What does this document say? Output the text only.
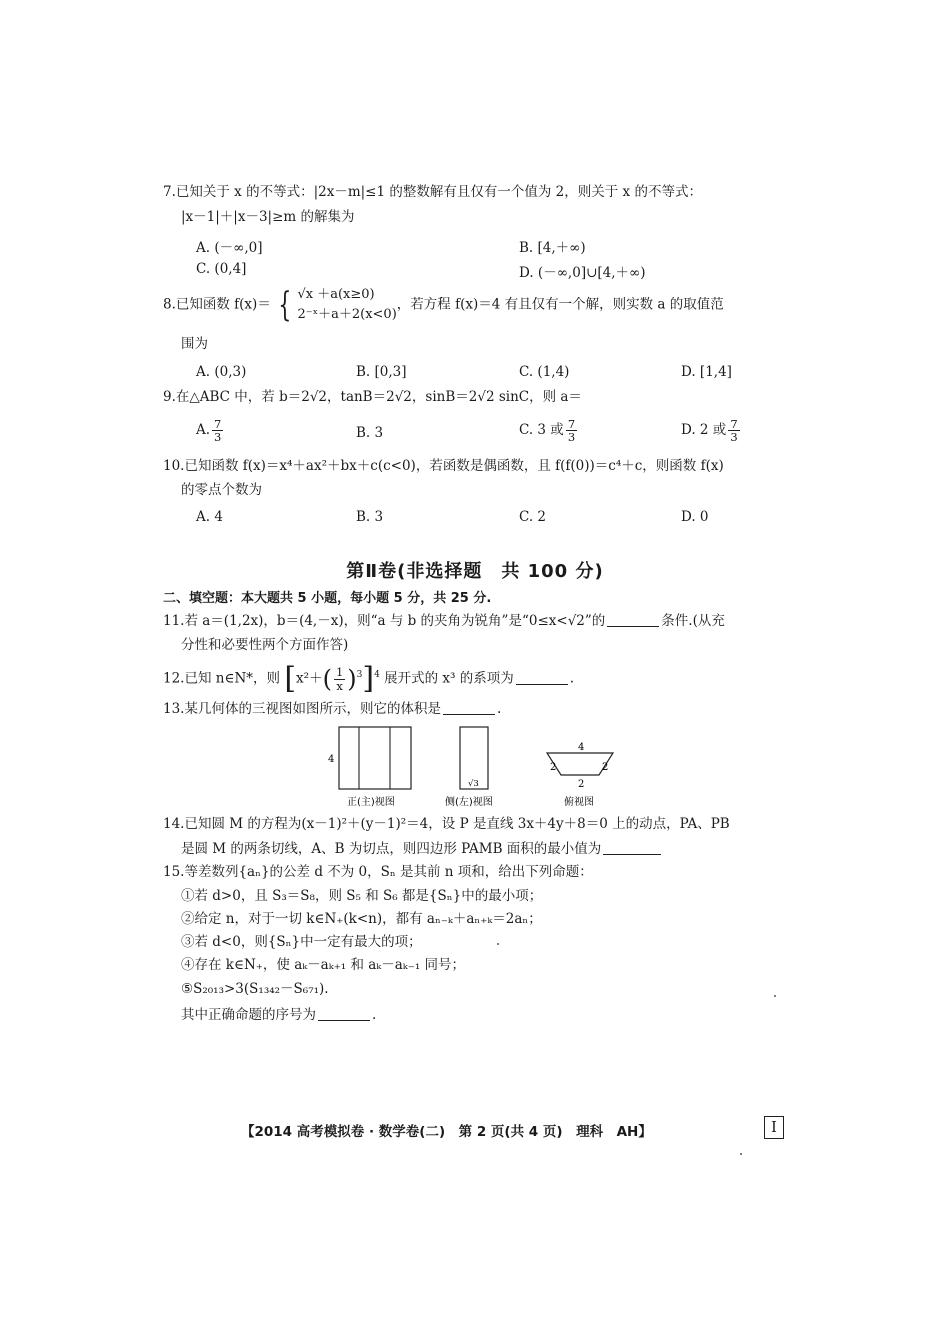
7.已知关于 x 的不等式：|2x－m|≤1 的整数解有且仅有一个值为 2，则关于 x 的不等式：
|x－1|＋|x－3|≥m 的解集为
A. (－∞,0]	B. [4,＋∞)
C. (0,4]	D. (－∞,0]∪[4,＋∞)
8.已知函数 f(x)＝ { √x ＋a(x≥0)
2⁻ˣ＋a＋2(x<0)
，若方程 f(x)＝4 有且仅有一个解，则实数 a 的取值范
围为
A. (0,3)	B. [0,3]	C. (1,4)	D. [1,4]
9.在△ABC 中，若 b＝2√2，tanB＝2√2，sinB＝2√2 sinC，则 a＝
A. $\frac{7}{3}$	B. 3	C. 3 或 $\frac{7}{3}$	D. 2 或 $\frac{7}{3}$
10.已知函数 f(x)＝x⁴＋ax²＋bx＋c(c<0)，若函数是偶函数，且 f(f(0))＝c⁴＋c，则函数 f(x)
的零点个数为
A. 4	B. 3	C. 2	D. 0
第Ⅱ卷(非选择题　共 100 分)
二、填空题：本大题共 5 小题，每小题 5 分，共 25 分.
11.若 a＝(1,2x)，b＝(4,－x)，则“a 与 b 的夹角为锐角”是“0≤x<√2”的	条件.(从充
分性和必要性两个方面作答)
12.已知 n∈N*，则 $[x^2+( \frac{1}{x} )^3]^4$ 展开式的 x³ 的系项为	.
13.某几何体的三视图如图所示，则它的体积是	.
4
正(主)视图
√3
侧(左)视图
4
2	2
2
俯视图
14.已知圆 M 的方程为(x－1)²＋(y－1)²＝4，设 P 是直线 3x＋4y＋8＝0 上的动点，PA、PB
是圆 M 的两条切线，A、B 为切点，则四边形 PAMB 面积的最小值为
15.等差数列{aₙ}的公差 d 不为 0，Sₙ 是其前 n 项和，给出下列命题：
①若 d>0，且 S₃＝S₈，则 S₅ 和 S₆ 都是{Sₙ}中的最小项；
②给定 n，对于一切 k∈N₊(k<n)，都有 aₙ₋ₖ＋aₙ₊ₖ＝2aₙ；
③若 d<0，则{Sₙ}中一定有最大的项；
④存在 k∈N₊，使 aₖ－aₖ₊₁ 和 aₖ－aₖ₋₁ 同号；
⑤S₂₀₁₃>3(S₁₃₄₂－S₆₇₁).
其中正确命题的序号为	.
【2014 高考模拟卷 · 数学卷(二)　第 2 页(共 4 页)　理科　AH】	I
